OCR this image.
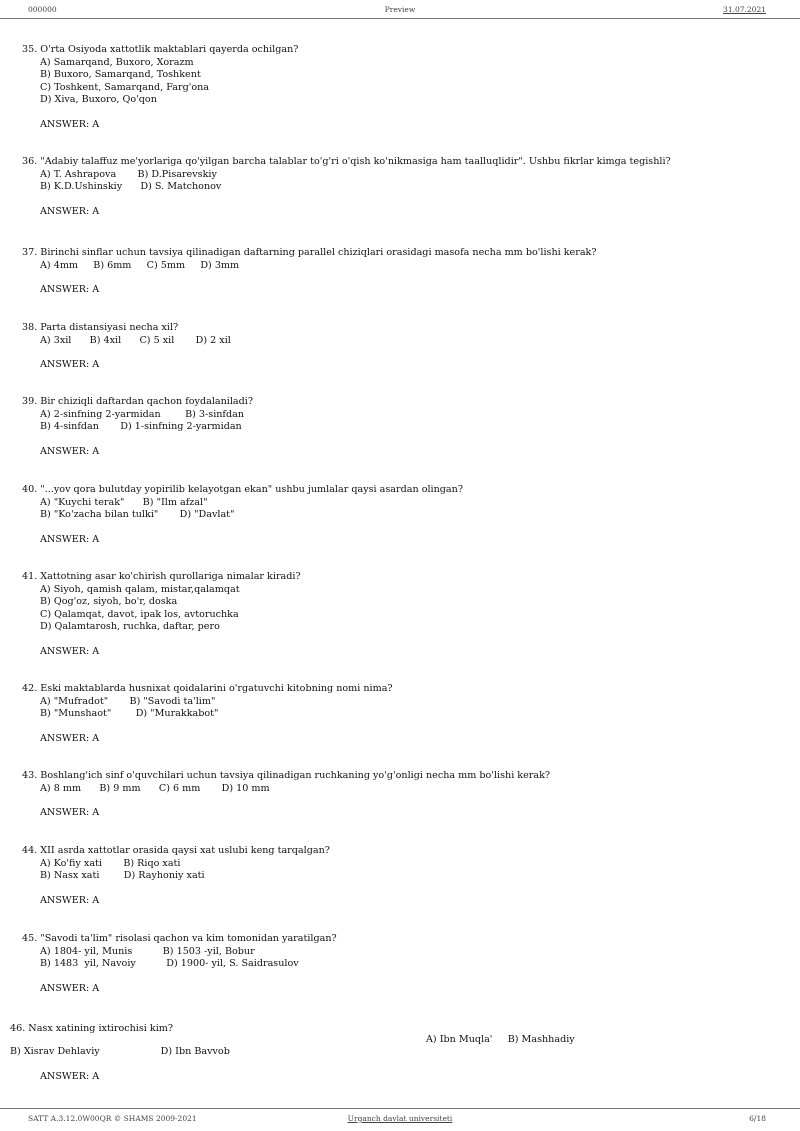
000000	Preview	31.07.2021
35. O'rta Osiyoda xattotlik maktablari qayerda ochilgan?
A) Samarqand, Buxoro, Xorazm
B) Buxoro, Samarqand, Toshkent
C) Toshkent, Samarqand, Farg'ona
D) Xiva, Buxoro, Qo'qon
ANSWER: A
36. "Adabiy talaffuz me'yorlariga qo'yilgan barcha talablar to'g'ri o'qish ko'nikmasiga ham taalluqlidir". Ushbu fikrlar kimga tegishli?
A) T. Ashrapova       B) D.Pisarevskiy
B) K.D.Ushinskiy      D) S. Matchonov
ANSWER: A
37. Birinchi sinflar uchun tavsiya qilinadigan daftarning parallel chiziqlari orasidagi masofa necha mm bo'lishi kerak?
A) 4mm     B) 6mm     C) 5mm     D) 3mm
ANSWER: A
38. Parta distansiyasi necha xil?
A) 3xil      B) 4xil      C) 5 xil       D) 2 xil
ANSWER: A
39. Bir chiziqli daftardan qachon foydalaniladi?
A) 2-sinfning 2-yarmidan        B) 3-sinfdan
B) 4-sinfdan       D) 1-sinfning 2-yarmidan
ANSWER: A
40. "...yov qora bulutday yopirilib kelayotgan ekan" ushbu jumlalar qaysi asardan olingan?
A) "Kuychi terak"      B) "Ilm afzal"
B) "Ko'zacha bilan tulki"       D) "Davlat"
ANSWER: A
41. Xattotning asar ko'chirish qurollariga nimalar kiradi?
A) Siyoh, qamish qalam, mistar,qalamqat
B) Qog'oz, siyoh, bo'r, doska
C) Qalamqat, davot, ipak los, avtoruchka
D) Qalamtarosh, ruchka, daftar, pero
ANSWER: A
42. Eski maktablarda husnixat qoidalarini o'rgatuvchi kitobning nomi nima?
A) "Mufradot"       B) "Savodi ta'lim"
B) "Munshaot"        D) "Murakkabot"
ANSWER: A
43. Boshlang'ich sinf o'quvchilari uchun tavsiya qilinadigan ruchkaning yo'g'onligi necha mm bo'lishi kerak?
A) 8 mm      B) 9 mm      C) 6 mm       D) 10 mm
ANSWER: A
44. XII asrda xattotlar orasida qaysi xat uslubi keng tarqalgan?
A) Ko'fiy xati       B) Riqo xati
B) Nasx xati        D) Rayhoniy xati
ANSWER: A
45. "Savodi ta'lim" risolasi qachon va kim tomonidan yaratilgan?
A) 1804- yil, Munis          B) 1503 -yil, Bobur
B) 1483  yil, Navoiy          D) 1900- yil, S. Saidrasulov
ANSWER: A
46. Nasx xatining ixtirochisi kim?
A) Ibn Muqla'     B) Mashhadiy
B) Xisrav Dehlaviy                    D) Ibn Bavvob
ANSWER: A
SATT A.3.12.0W00QR © SHAMS 2009-2021	Urganch davlat universiteti	6/18
